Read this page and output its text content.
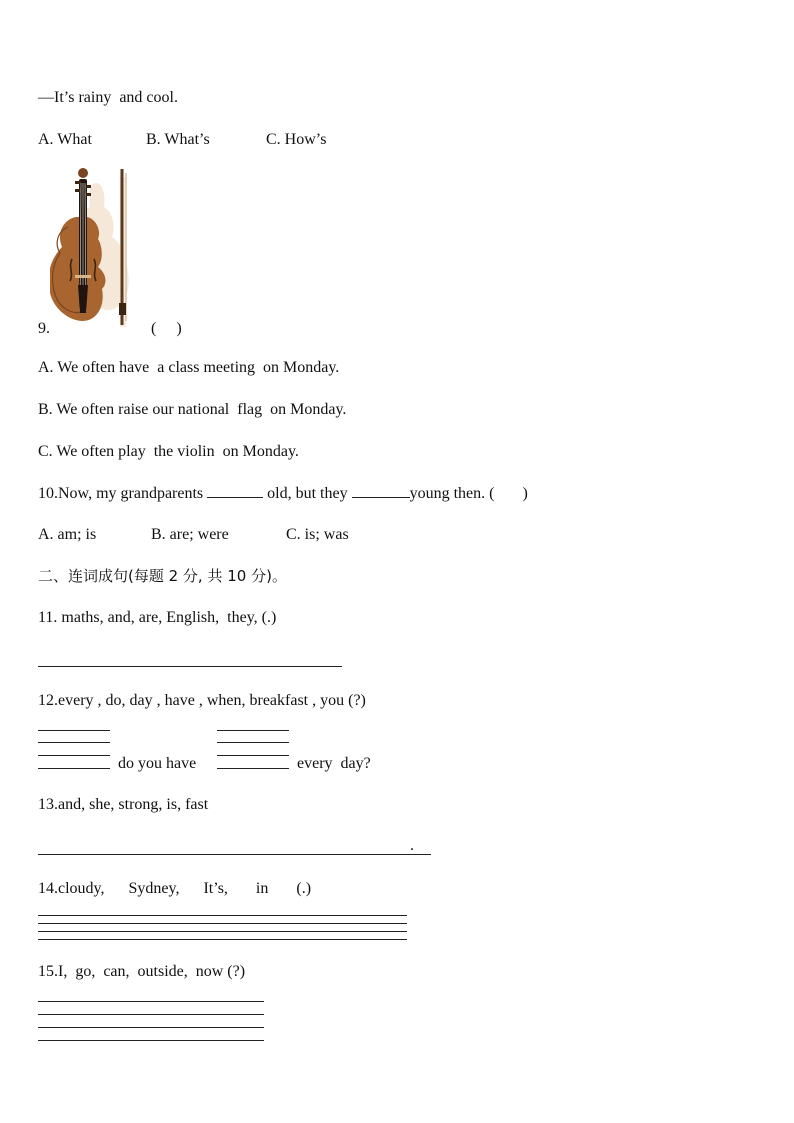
—It’s rainy  and cool.
A. What	B. What’s	C. How’s
9.	(     )
A. We often have  a class meeting  on Monday.
B. We often raise our national  flag  on Monday.
C. We often play  the violin  on Monday.
10.Now, my grandparents	old, but they	young then. (       )
A. am; is	B. are; were	C. is; was
二、连词成句(每题 2 分, 共 10 分)。
11. maths, and, are, English,  they, (.)
12.every , do, day , have , when, breakfast , you (?)
do you have	every  day?
13.and, she, strong, is, fast
.
14.cloudy,      Sydney,      It’s,       in       (.)
15.I,  go,  can,  outside,  now (?)
